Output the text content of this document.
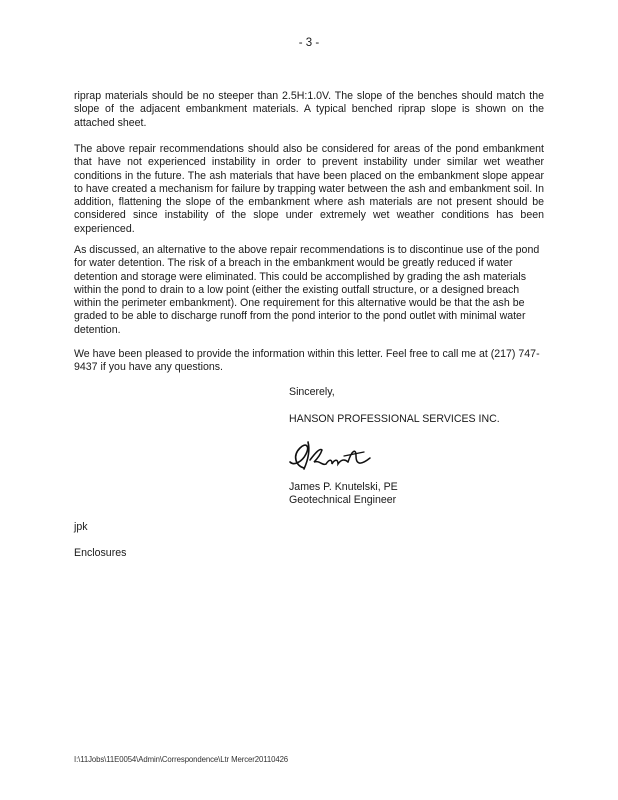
- 3 -

riprap materials should be no steeper than 2.5H:1.0V. The slope of the benches should match the slope of the adjacent embankment materials. A typical benched riprap slope is shown on the attached sheet.

The above repair recommendations should also be considered for areas of the pond embankment that have not experienced instability in order to prevent instability under similar wet weather conditions in the future. The ash materials that have been placed on the embankment slope appear to have created a mechanism for failure by trapping water between the ash and embankment soil. In addition, flattening the slope of the embankment where ash materials are not present should be considered since instability of the slope under extremely wet weather conditions has been experienced.

As discussed, an alternative to the above repair recommendations is to discontinue use of the pond for water detention. The risk of a breach in the embankment would be greatly reduced if water detention and storage were eliminated. This could be accomplished by grading the ash materials within the pond to drain to a low point (either the existing outfall structure, or a designed breach within the perimeter embankment). One requirement for this alternative would be that the ash be graded to be able to discharge runoff from the pond interior to the pond outlet with minimal water detention.

We have been pleased to provide the information within this letter. Feel free to call me at (217) 747-9437 if you have any questions.

Sincerely,
HANSON PROFESSIONAL SERVICES INC.
James P. Knutelski, PE
Geotechnical Engineer
jpk
Enclosures
I:\11Jobs\11E0054\Admin\Correspondence\Ltr Mercer20110426
